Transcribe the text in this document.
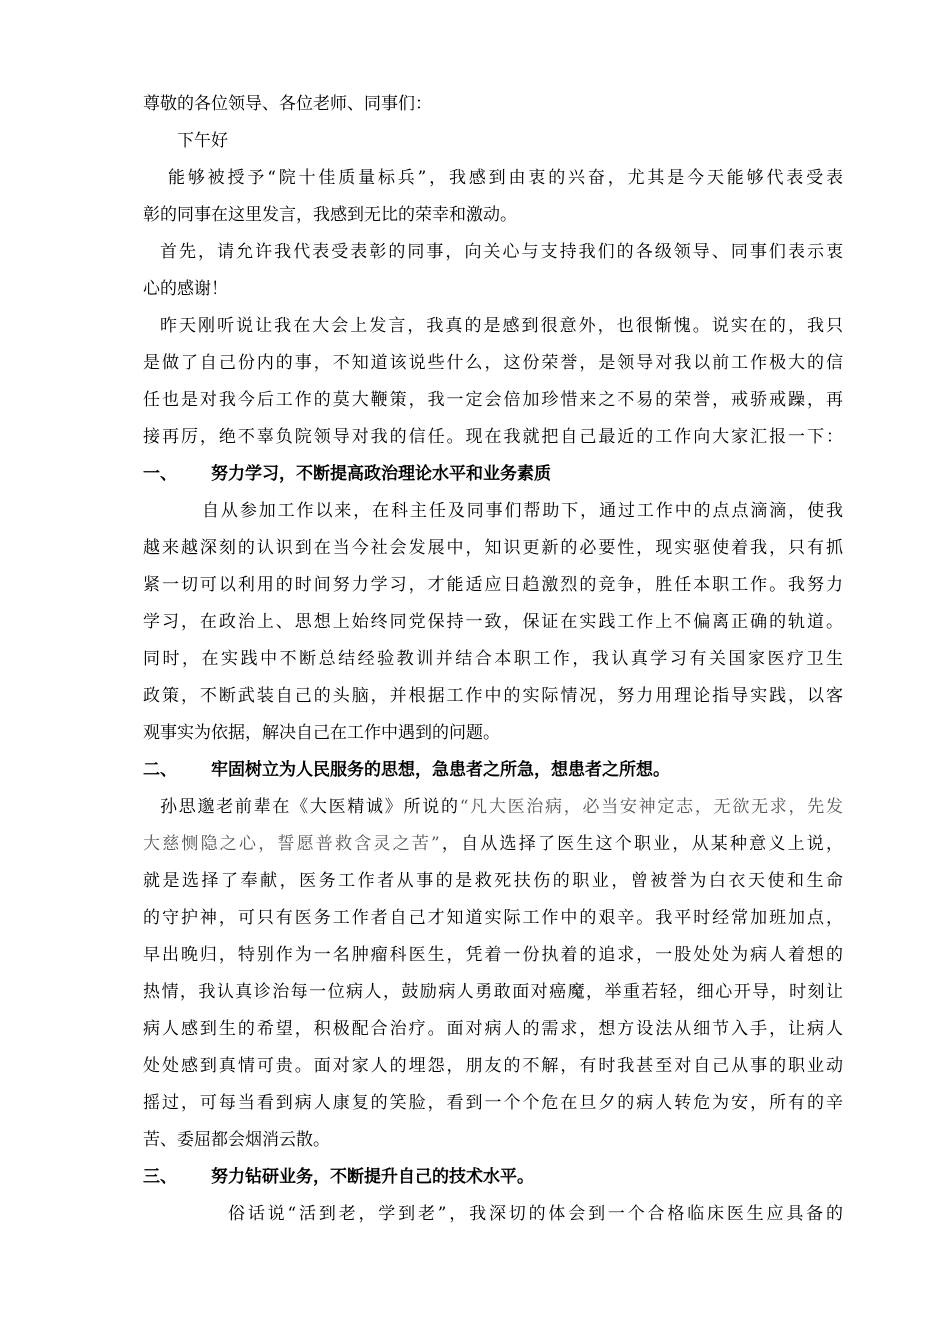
尊敬的各位领导、各位老师、同事们：
下午好
能够被授予“院十佳质量标兵”，我感到由衷的兴奋，尤其是今天能够代表受表
彰的同事在这里发言，我感到无比的荣幸和激动。
首先，请允许我代表受表彰的同事，向关心与支持我们的各级领导、同事们表示衷
心的感谢！
昨天刚听说让我在大会上发言，我真的是感到很意外，也很惭愧。说实在的，我只
是做了自己份内的事，不知道该说些什么，这份荣誉，是领导对我以前工作极大的信
任也是对我今后工作的莫大鞭策，我一定会倍加珍惜来之不易的荣誉，戒骄戒躁，再
接再厉，绝不辜负院领导对我的信任。现在我就把自己最近的工作向大家汇报一下：
一、 努力学习，不断提高政治理论水平和业务素质
自从参加工作以来，在科主任及同事们帮助下，通过工作中的点点滴滴，使我
越来越深刻的认识到在当今社会发展中，知识更新的必要性，现实驱使着我，只有抓
紧一切可以利用的时间努力学习，才能适应日趋激烈的竞争，胜任本职工作。我努力
学习，在政治上、思想上始终同党保持一致，保证在实践工作上不偏离正确的轨道。
同时，在实践中不断总结经验教训并结合本职工作，我认真学习有关国家医疗卫生
政策，不断武装自己的头脑，并根据工作中的实际情况，努力用理论指导实践，以客
观事实为依据，解决自己在工作中遇到的问题。
二、 牢固树立为人民服务的思想，急患者之所急，想患者之所想。
孙思邈老前辈在《大医精诚》所说的“凡大医治病，必当安神定志，无欲无求，先发
大慈恻隐之心，誓愿普救含灵之苦”，自从选择了医生这个职业，从某种意义上说，
就是选择了奉献，医务工作者从事的是救死扶伤的职业，曾被誉为白衣天使和生命
的守护神，可只有医务工作者自己才知道实际工作中的艰辛。我平时经常加班加点，
早出晚归，特别作为一名肿瘤科医生，凭着一份执着的追求，一股处处为病人着想的
热情，我认真诊治每一位病人，鼓励病人勇敢面对癌魔，举重若轻，细心开导，时刻让
病人感到生的希望，积极配合治疗。面对病人的需求，想方设法从细节入手，让病人
处处感到真情可贵。面对家人的埋怨，朋友的不解，有时我甚至对自己从事的职业动
摇过，可每当看到病人康复的笑脸，看到一个个危在旦夕的病人转危为安，所有的辛
苦、委屈都会烟消云散。
三、 努力钻研业务，不断提升自己的技术水平。
俗话说“活到老，学到老”，我深切的体会到一个合格临床医生应具备的
